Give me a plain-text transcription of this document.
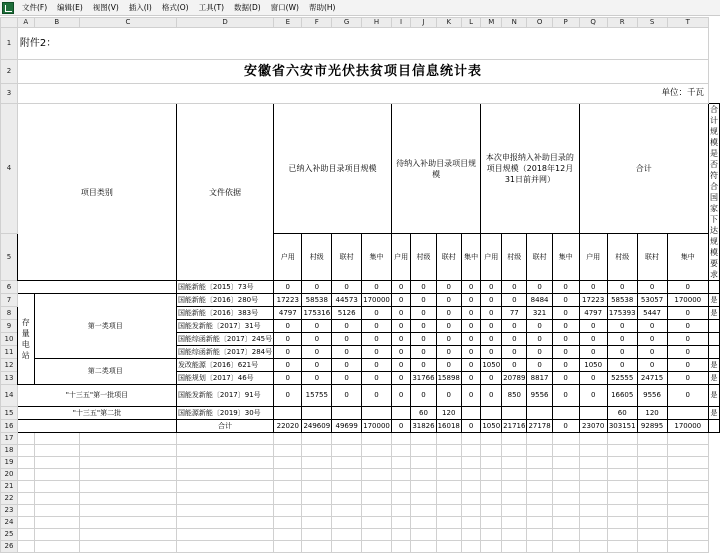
文件(F)	编辑(E)	视图(V)	插入(I)	格式(O)	工具(T)	数据(D)	窗口(W)	帮助(H)
	A	B	C	D	E	F	G	H	I	J	K	L	M	N	O	P	Q	R	S	T	
1	附件2：																				
2	安徽省六安市光伏扶贫项目信息统计表																				
3	单位：千瓦																				
4	项目类别			文件依据	已纳入补助目录项目规模				待纳入补助目录项目规模				本次申报纳入补助目录的项目规模（2018年12月31日前并网）				合计				合计规模是否符合国家下达规模要求
5					户用	村级	联村	集中	户用	村级	联村	集中	户用	村级	联村	集中	户用	村级	联村	集中	
6				国能新能〔2015〕73号	0	0	0	0	0	0	0	0	0	0	0	0	0	0	0	0	
7	存量电站	第一类项目		国能新能〔2016〕280号	17223	58538	44573	170000	0	0	0	0	0	0	8484	0	17223	58538	53057	170000	是
8				国能新能〔2016〕383号	4797	175316	5126	0	0	0	0	0	0	77	321	0	4797	175393	5447	0	是
9				国能发新能〔2017〕31号	0	0	0	0	0	0	0	0	0	0	0	0	0	0	0	0	
10				国能综函新能〔2017〕245号	0	0	0	0	0	0	0	0	0	0	0	0	0	0	0	0	
11				国能综函新能〔2017〕284号	0	0	0	0	0	0	0	0	0	0	0	0	0	0	0	0	
12		第二类项目		发改能源〔2016〕621号	0	0	0	0	0	0	0	0	1050	0	0	0	1050	0	0	0	是
13				国能规划〔2017〕46号	0	0	0	0	0	31766	15898	0	0	20789	8817	0	0	52555	24715	0	是
14	"十三五"第一批项目			国能发新能〔2017〕91号	0	15755	0	0	0	0	0	0	0	850	9556	0	0	16605	9556	0	是
15	"十三五"第二批			国能源新能〔2019〕30号						60	120							60	120		是
16				合计	22020	249609	49699	170000	0	31826	16018	0	1050	21716	27178	0	23070	303151	92895	170000	
17																					
18																					
19																					
20																					
21																					
22																					
23																					
24																					
25																					
26																					
